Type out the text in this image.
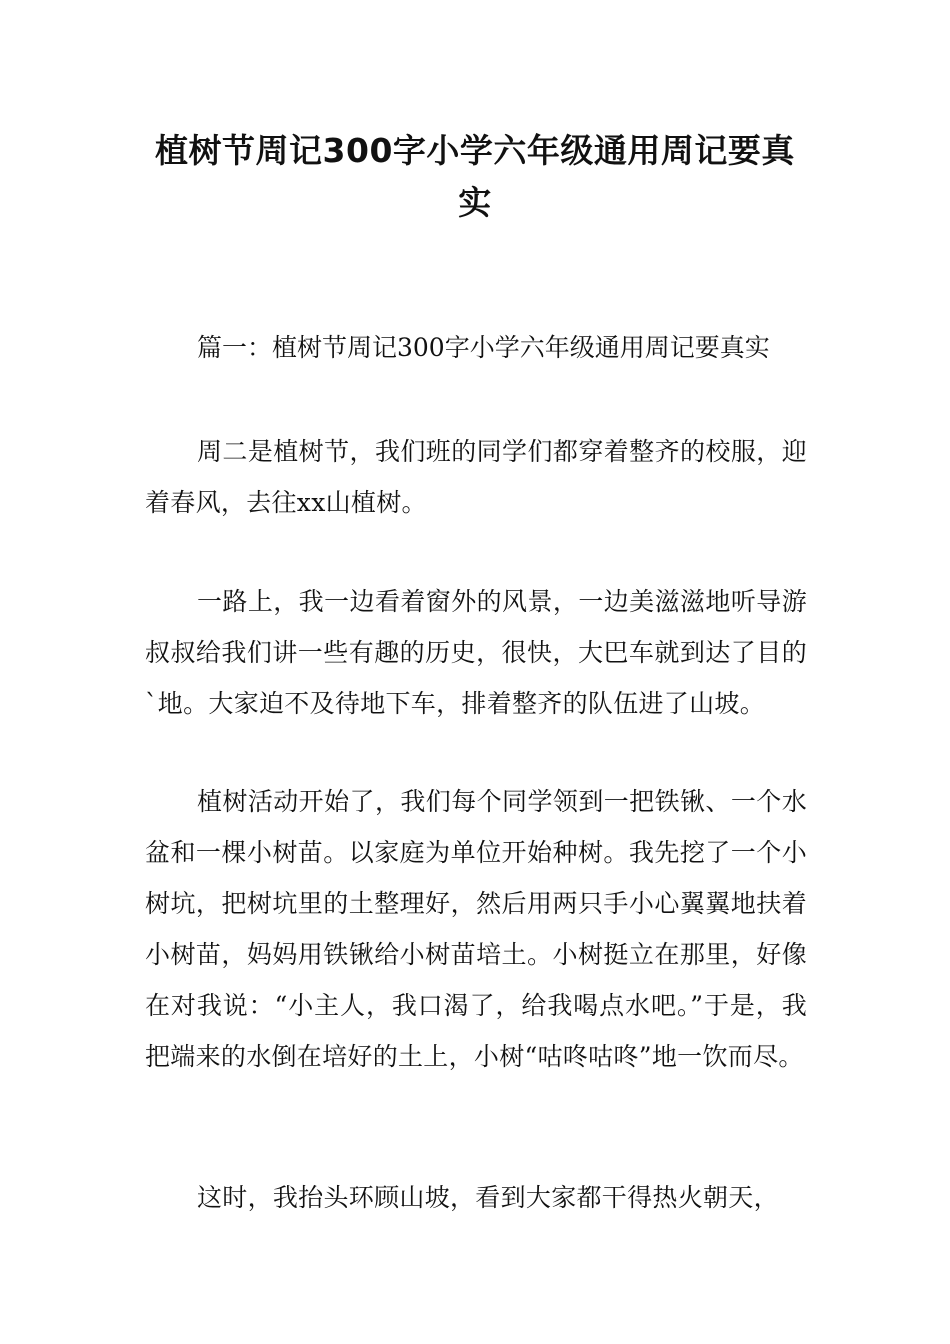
植树节周记300字小学六年级通用周记要真实
篇一：植树节周记300字小学六年级通用周记要真实

周二是植树节，我们班的同学们都穿着整齐的校服，迎着春风，去往xx山植树。

一路上，我一边看着窗外的风景，一边美滋滋地听导游叔叔给我们讲一些有趣的历史，很快，大巴车就到达了目的`地。大家迫不及待地下车，排着整齐的队伍进了山坡。

植树活动开始了，我们每个同学领到一把铁锹、一个水盆和一棵小树苗。以家庭为单位开始种树。我先挖了一个小树坑，把树坑里的土整理好，然后用两只手小心翼翼地扶着小树苗，妈妈用铁锹给小树苗培土。小树挺立在那里，好像在对我说：“小主人，我口渴了，给我喝点水吧。”于是，我把端来的水倒在培好的土上，小树“咕咚咕咚”地一饮而尽。

这时，我抬头环顾山坡，看到大家都干得热火朝天，
